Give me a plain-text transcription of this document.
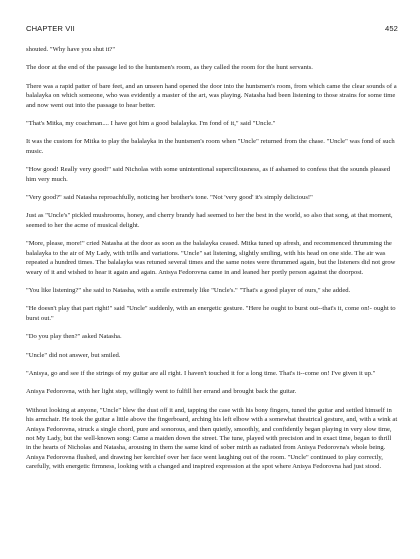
CHAPTER VII	452

shouted. "Why have you shut it?"

The door at the end of the passage led to the huntsmen's room, as they called the room for the hunt servants.

There was a rapid patter of bare feet, and an unseen hand opened the door into the huntsmen's room, from which came the clear sounds of a balalayka on which someone, who was evidently a master of the art, was playing. Natasha had been listening to those strains for some time and now went out into the passage to hear better.

"That's Mitka, my coachman.... I have got him a good balalayka. I'm fond of it," said "Uncle."

It was the custom for Mitka to play the balalayka in the huntsmen's room when "Uncle" returned from the chase. "Uncle" was fond of such music.

"How good! Really very good!" said Nicholas with some unintentional superciliousness, as if ashamed to confess that the sounds pleased him very much.

"Very good?" said Natasha reproachfully, noticing her brother's tone. "Not 'very good' it's simply delicious!"

Just as "Uncle's" pickled mushrooms, honey, and cherry brandy had seemed to her the best in the world, so also that song, at that moment, seemed to her the acme of musical delight.

"More, please, more!" cried Natasha at the door as soon as the balalayka ceased. Mitka tuned up afresh, and recommenced thrumming the balalayka to the air of My Lady, with trills and variations. "Uncle" sat listening, slightly smiling, with his head on one side. The air was repeated a hundred times. The balalayka was retuned several times and the same notes were thrummed again, but the listeners did not grow weary of it and wished to hear it again and again. Anisya Fedorovna came in and leaned her portly person against the doorpost.

"You like listening?" she said to Natasha, with a smile extremely like "Uncle's." "That's a good player of ours," she added.

"He doesn't play that part right!" said "Uncle" suddenly, with an energetic gesture. "Here he ought to burst out--that's it, come on!- ought to burst out."

"Do you play then?" asked Natasha.

"Uncle" did not answer, but smiled.

"Anisya, go and see if the strings of my guitar are all right. I haven't touched it for a long time. That's it--come on! I've given it up."

Anisya Fedorovna, with her light step, willingly went to fulfill her errand and brought back the guitar.

Without looking at anyone, "Uncle" blew the dust off it and, tapping the case with his bony fingers, tuned the guitar and settled himself in his armchair. He took the guitar a little above the fingerboard, arching his left elbow with a somewhat theatrical gesture, and, with a wink at Anisya Fedorovna, struck a single chord, pure and sonorous, and then quietly, smoothly, and confidently began playing in very slow time, not My Lady, but the well-known song: Came a maiden down the street. The tune, played with precision and in exact time, began to thrill in the hearts of Nicholas and Natasha, arousing in them the same kind of sober mirth as radiated from Anisya Fedorovna's whole being. Anisya Fedorovna flushed, and drawing her kerchief over her face went laughing out of the room. "Uncle" continued to play correctly, carefully, with energetic firmness, looking with a changed and inspired expression at the spot where Anisya Fedorovna had just stood.
